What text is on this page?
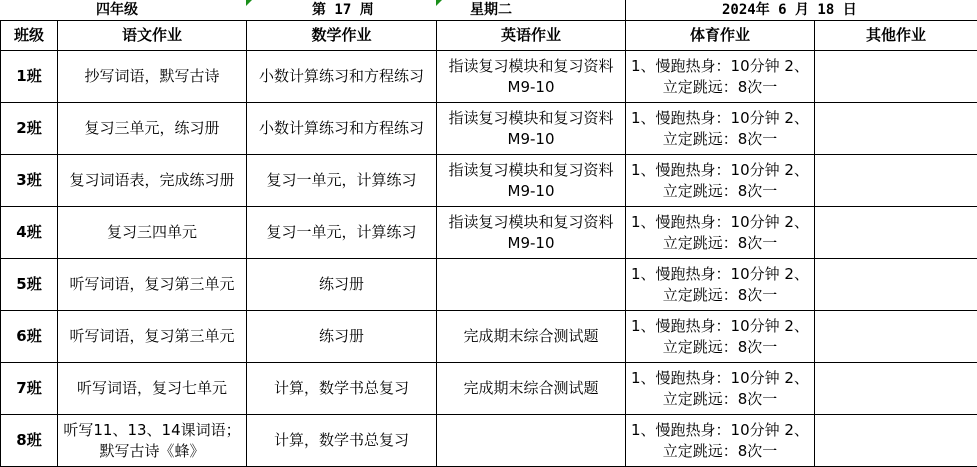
四年级	第 17 周	星期二	2024年 6 月 18 日
班级	语文作业	数学作业	英语作业	体育作业	其他作业
1班	抄写词语，默写古诗	小数计算练习和方程练习	指读复习模块和复习资料M9-10	1、慢跑热身：10分钟 2、立定跳远：8次一	
2班	复习三单元，练习册	小数计算练习和方程练习	指读复习模块和复习资料M9-10	1、慢跑热身：10分钟 2、立定跳远：8次一	
3班	复习词语表，完成练习册	复习一单元，计算练习	指读复习模块和复习资料M9-10	1、慢跑热身：10分钟 2、立定跳远：8次一	
4班	复习三四单元	复习一单元，计算练习	指读复习模块和复习资料M9-10	1、慢跑热身：10分钟 2、立定跳远：8次一	
5班	听写词语，复习第三单元	练习册		1、慢跑热身：10分钟 2、立定跳远：8次一	
6班	听写词语，复习第三单元	练习册	完成期末综合测试题	1、慢跑热身：10分钟 2、立定跳远：8次一	
7班	听写词语，复习七单元	计算，数学书总复习	完成期末综合测试题	1、慢跑热身：10分钟 2、立定跳远：8次一	
8班	听写11、13、14课词语；默写古诗《蜂》	计算，数学书总复习		1、慢跑热身：10分钟 2、立定跳远：8次一	
